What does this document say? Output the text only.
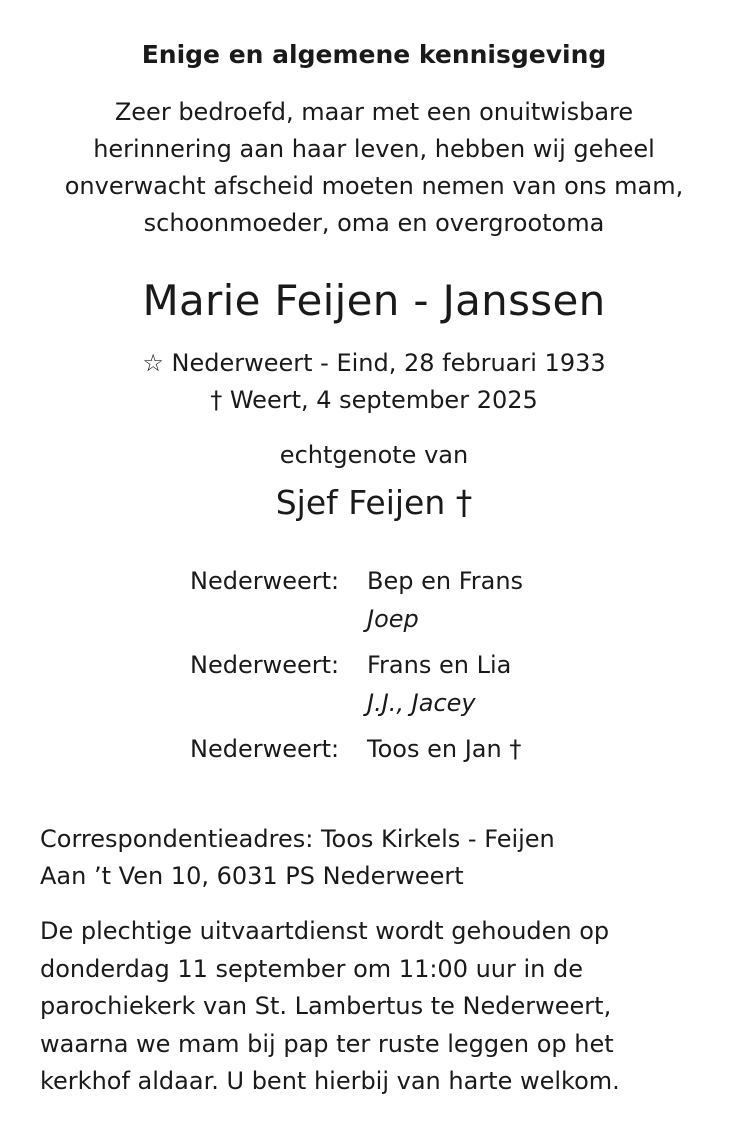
Enige en algemene kennisgeving

Zeer bedroefd, maar met een onuitwisbare
herinnering aan haar leven, hebben wij geheel
onverwacht afscheid moeten nemen van ons mam,
schoonmoeder, oma en overgrootoma

Marie Feijen - Janssen
☆ Nederweert - Eind, 28 februari 1933
† Weert, 4 september 2025
echtgenote van
Sjef Feijen †
Nederweert:	Bep en Frans
Joep
Nederweert:	Frans en Lia
J.J., Jacey
Nederweert:	Toos en Jan †
Correspondentieadres: Toos Kirkels - Feijen
Aan ’t Ven 10, 6031 PS Nederweert
De plechtige uitvaartdienst wordt gehouden op
donderdag 11 september om 11:00 uur in de
parochiekerk van St. Lambertus te Nederweert,
waarna we mam bij pap ter ruste leggen op het
kerkhof aldaar. U bent hierbij van harte welkom.
